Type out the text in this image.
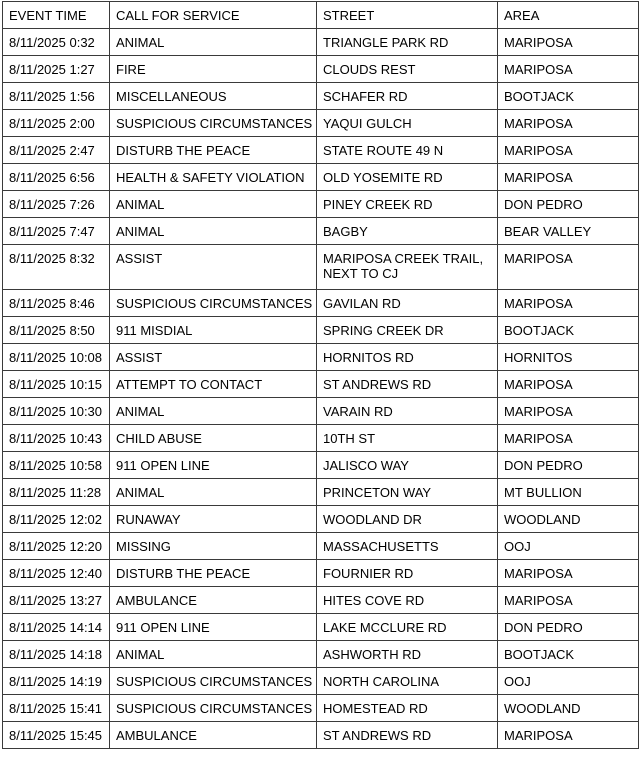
EVENT TIME	CALL FOR SERVICE	STREET	AREA
8/11/2025 0:32	ANIMAL	TRIANGLE PARK RD	MARIPOSA
8/11/2025 1:27	FIRE	CLOUDS REST	MARIPOSA
8/11/2025 1:56	MISCELLANEOUS	SCHAFER RD	BOOTJACK
8/11/2025 2:00	SUSPICIOUS CIRCUMSTANCES	YAQUI GULCH	MARIPOSA
8/11/2025 2:47	DISTURB THE PEACE	STATE ROUTE 49 N	MARIPOSA
8/11/2025 6:56	HEALTH & SAFETY VIOLATION	OLD YOSEMITE RD	MARIPOSA
8/11/2025 7:26	ANIMAL	PINEY CREEK RD	DON PEDRO
8/11/2025 7:47	ANIMAL	BAGBY	BEAR VALLEY
8/11/2025 8:32	ASSIST	MARIPOSA CREEK TRAIL, NEXT TO CJ	MARIPOSA
8/11/2025 8:46	SUSPICIOUS CIRCUMSTANCES	GAVILAN RD	MARIPOSA
8/11/2025 8:50	911 MISDIAL	SPRING CREEK DR	BOOTJACK
8/11/2025 10:08	ASSIST	HORNITOS RD	HORNITOS
8/11/2025 10:15	ATTEMPT TO CONTACT	ST ANDREWS RD	MARIPOSA
8/11/2025 10:30	ANIMAL	VARAIN RD	MARIPOSA
8/11/2025 10:43	CHILD ABUSE	10TH ST	MARIPOSA
8/11/2025 10:58	911 OPEN LINE	JALISCO WAY	DON PEDRO
8/11/2025 11:28	ANIMAL	PRINCETON WAY	MT BULLION
8/11/2025 12:02	RUNAWAY	WOODLAND DR	WOODLAND
8/11/2025 12:20	MISSING	MASSACHUSETTS	OOJ
8/11/2025 12:40	DISTURB THE PEACE	FOURNIER RD	MARIPOSA
8/11/2025 13:27	AMBULANCE	HITES COVE RD	MARIPOSA
8/11/2025 14:14	911 OPEN LINE	LAKE MCCLURE RD	DON PEDRO
8/11/2025 14:18	ANIMAL	ASHWORTH RD	BOOTJACK
8/11/2025 14:19	SUSPICIOUS CIRCUMSTANCES	NORTH CAROLINA	OOJ
8/11/2025 15:41	SUSPICIOUS CIRCUMSTANCES	HOMESTEAD RD	WOODLAND
8/11/2025 15:45	AMBULANCE	ST ANDREWS RD	MARIPOSA
